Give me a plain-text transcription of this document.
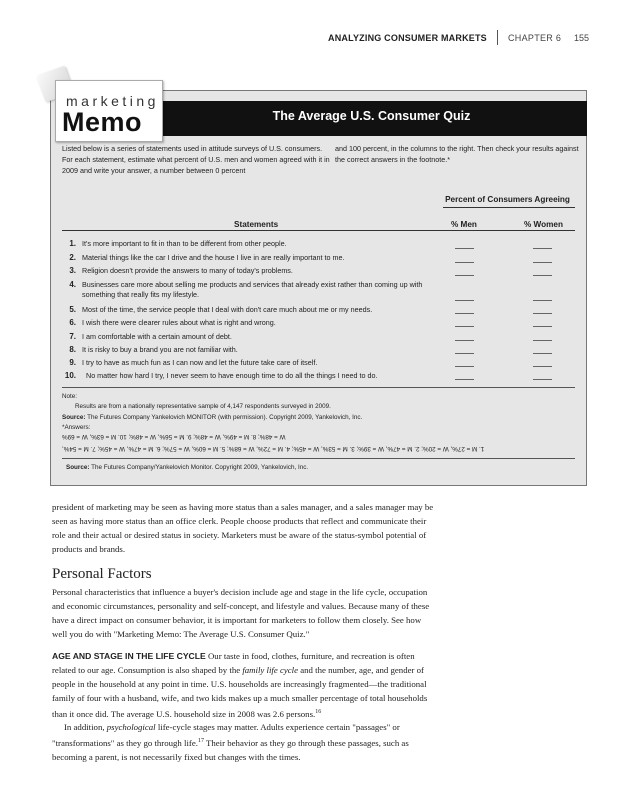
ANALYZING CONSUMER MARKETS CHAPTER 6 155
The Average U.S. Consumer Quiz
marketing
Memo
Listed below is a series of statements used in attitude surveys of U.S. consumers. For each statement, estimate what percent of U.S. men and women agreed with it in 2009 and write your answer, a number between 0 percent
and 100 percent, in the columns to the right. Then check your results against the correct answers in the footnote.*
Percent of Consumers Agreeing
Statements	% Men	% Women
1. It's more important to fit in than to be different from other people.
2. Material things like the car I drive and the house I live in are really important to me.
3. Religion doesn't provide the answers to many of today's problems.
4. Businesses care more about selling me products and services that already exist rather than coming up with something that really fits my lifestyle.
5. Most of the time, the service people that I deal with don't care much about me or my needs.
6. I wish there were clearer rules about what is right and wrong.
7. I am comfortable with a certain amount of debt.
8. It is risky to buy a brand you are not familiar with.
9. I try to have as much fun as I can now and let the future take care of itself.
10. No matter how hard I try, I never seem to have enough time to do all the things I need to do.
Note:
Results are from a nationally representative sample of 4,147 respondents surveyed in 2009.
Source: The Futures Company Yankelovich MONITOR (with permission). Copyright 2009, Yankelovich, Inc.
*Answers:
W = 48%; 8. M = 49%, W = 48%; 9. M = 56%, W = 48%; 10. M = 63%, W = 69%
1. M = 27%, W = 20%; 2. M = 47%, W = 39%; 3. M = 53%, W = 45%; 4. M = 72%, W = 68%; 5. M = 60%, W = 57%; 6. M = 47%, W = 45%; 7. M = 54%,
Source: The Futures Company/Yankelovich Monitor. Copyright 2009, Yankelovich, Inc.
president of marketing may be seen as having more status than a sales manager, and a sales manager may be seen as having more status than an office clerk. People choose products that reflect and communicate their role and their actual or desired status in society. Marketers must be aware of the status-symbol potential of products and brands.
Personal Factors
Personal characteristics that influence a buyer's decision include age and stage in the life cycle, occupation and economic circumstances, personality and self-concept, and lifestyle and values. Because many of these have a direct impact on consumer behavior, it is important for marketers to follow them closely. See how well you do with "Marketing Memo: The Average U.S. Consumer Quiz."
AGE AND STAGE IN THE LIFE CYCLE Our taste in food, clothes, furniture, and recreation is often related to our age. Consumption is also shaped by the family life cycle and the number, age, and gender of people in the household at any point in time. U.S. households are increasingly fragmented—the traditional family of four with a husband, wife, and two kids makes up a much smaller percentage of total households than it once did. The average U.S. household size in 2008 was 2.6 persons.$^{16}$
In addition, psychological life-cycle stages may matter. Adults experience certain "passages" or "transformations" as they go through life.$^{17}$ Their behavior as they go through these passages, such as becoming a parent, is not necessarily fixed but changes with the times.
